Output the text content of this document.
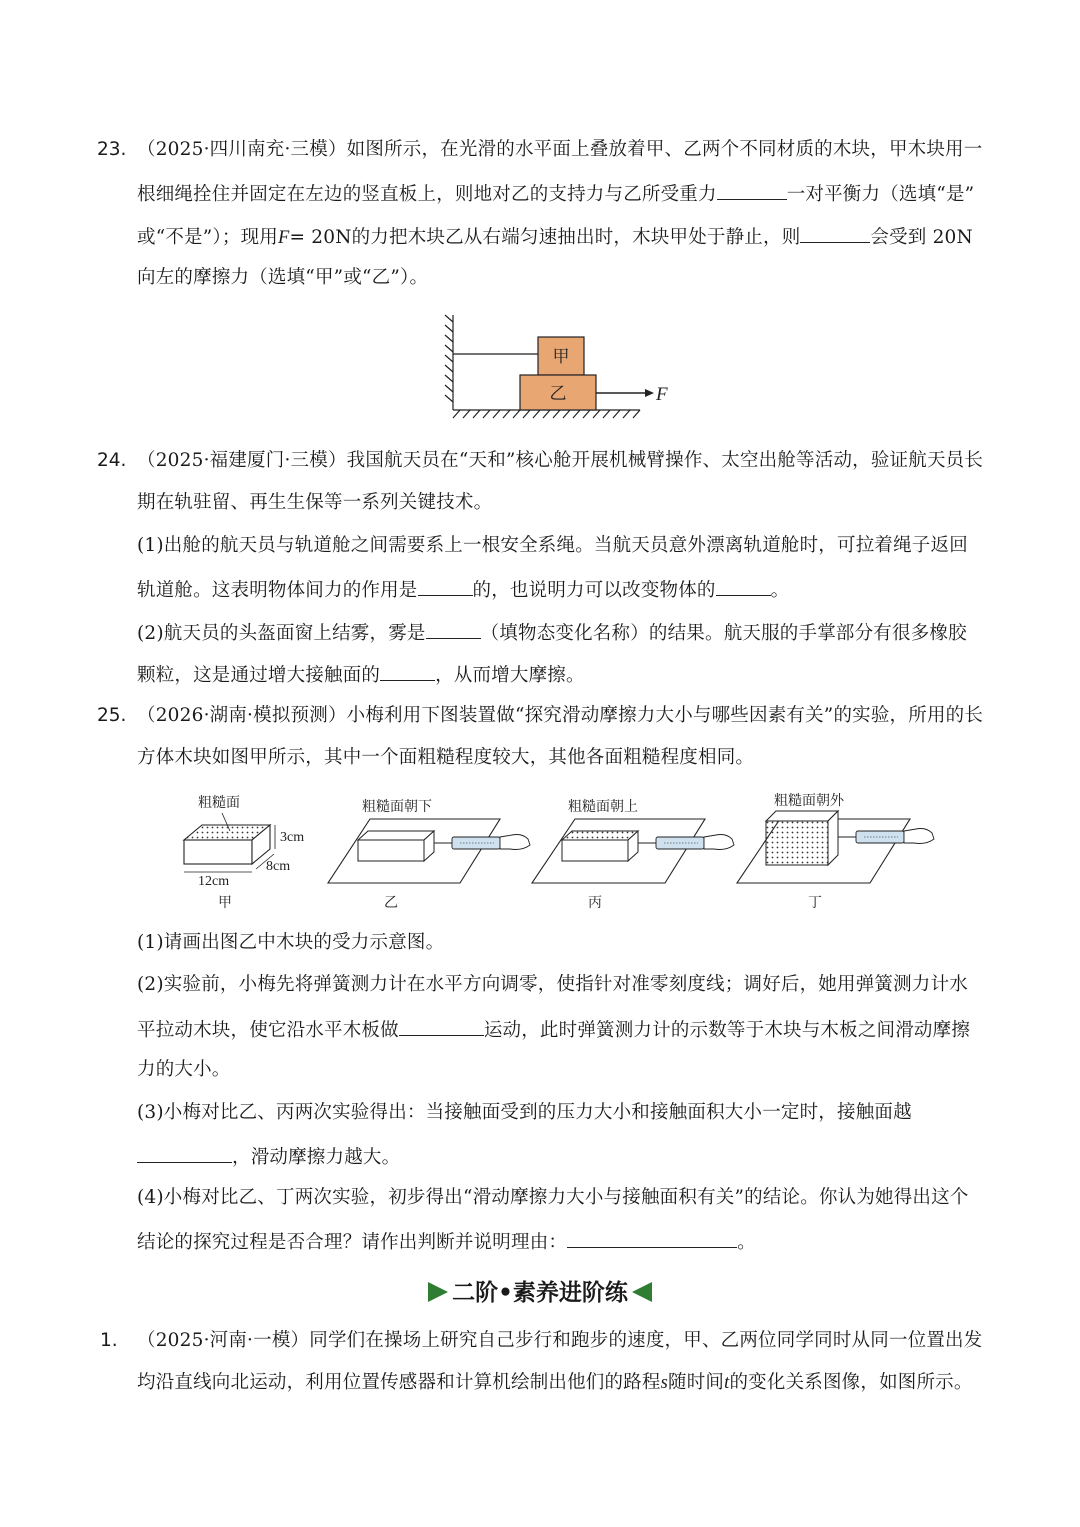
23. （2025·四川南充·三模）如图所示，在光滑的水平面上叠放着甲、乙两个不同材质的木块，甲木块用一
根细绳拴住并固定在左边的竖直板上，则地对乙的支持力与乙所受重力	一对平衡力（选填“是”
或“不是”）；现用F= 20N的力把木块乙从右端匀速抽出时，木块甲处于静止，则	会受到 20N
向左的摩擦力（选填“甲”或“乙”）。
甲
乙	F
24. （2025·福建厦门·三模）我国航天员在“天和”核心舱开展机械臂操作、太空出舱等活动，验证航天员长
期在轨驻留、再生生保等一系列关键技术。
(1)出舱的航天员与轨道舱之间需要系上一根安全系绳。当航天员意外漂离轨道舱时，可拉着绳子返回
轨道舱。这表明物体间力的作用是	的，也说明力可以改变物体的	。
(2)航天员的头盔面窗上结雾，雾是	（填物态变化名称）的结果。航天服的手掌部分有很多橡胶
颗粒，这是通过增大接触面的	，从而增大摩擦。
25. （2026·湖南·模拟预测）小梅利用下图装置做“探究滑动摩擦力大小与哪些因素有关”的实验，所用的长
方体木块如图甲所示，其中一个面粗糙程度较大，其他各面粗糙程度相同。
粗糙面
3cm
8cm
12cm
甲
粗糙面朝下
乙
粗糙面朝上
丙
粗糙面朝外
丁
(1)请画出图乙中木块的受力示意图。
(2)实验前，小梅先将弹簧测力计在水平方向调零，使指针对准零刻度线；调好后，她用弹簧测力计水
平拉动木块，使它沿水平木板做	运动，此时弹簧测力计的示数等于木块与木板之间滑动摩擦
力的大小。
(3)小梅对比乙、丙两次实验得出：当接触面受到的压力大小和接触面积大小一定时，接触面越
，滑动摩擦力越大。
(4)小梅对比乙、丁两次实验，初步得出“滑动摩擦力大小与接触面积有关”的结论。你认为她得出这个
结论的探究过程是否合理？请作出判断并说明理由：	。
二阶•素养进阶练
1. （2025·河南·一模）同学们在操场上研究自己步行和跑步的速度，甲、乙两位同学同时从同一位置出发
均沿直线向北运动，利用位置传感器和计算机绘制出他们的路程s随时间t的变化关系图像，如图所示。
